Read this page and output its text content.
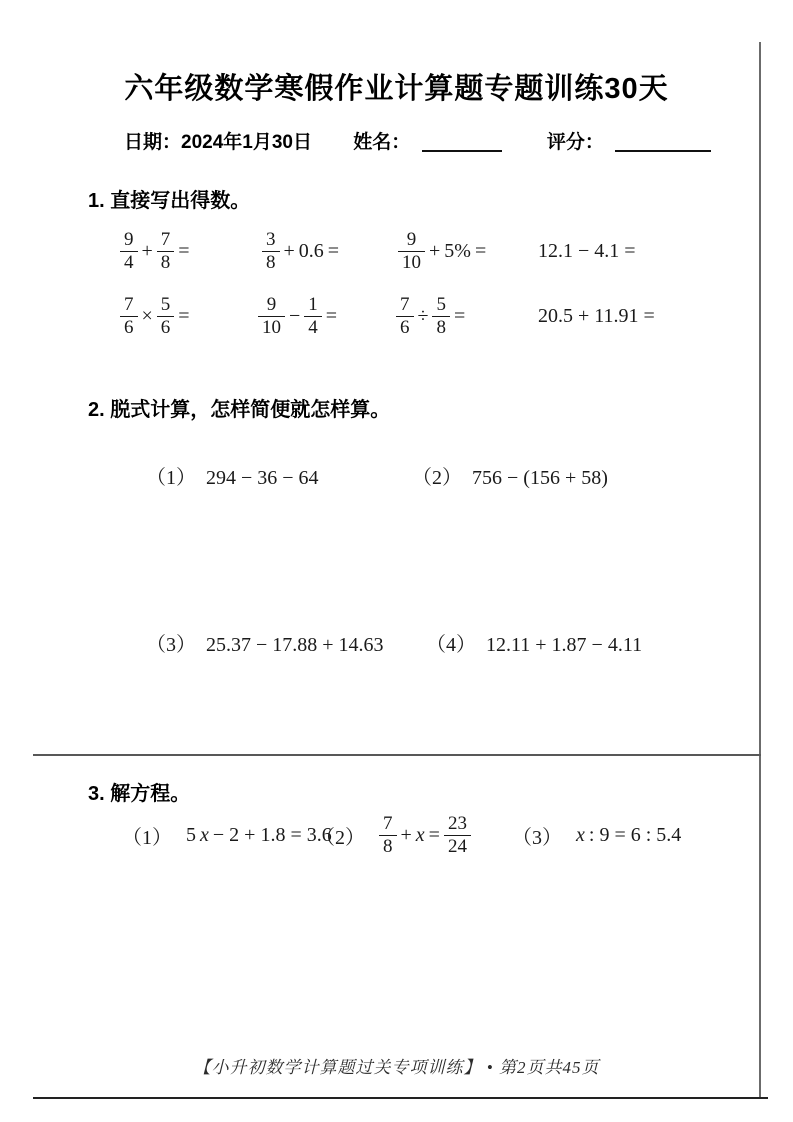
六年级数学寒假作业计算题专题训练30天
日期：2024年1月30日 姓名：	评分：
1. 直接写出得数。
$\frac{9}{4} + \frac{7}{8}$ =	$\frac{3}{8} + 0.6$ =	$\frac{9}{10} + 5\%$ =	12.1 − 4.1 =
$\frac{7}{6} \times \frac{5}{6}$ =	$\frac{9}{10} - \frac{1}{4}$ =	$\frac{7}{6} \div \frac{5}{8}$ =	20.5 + 11.91 =
2. 脱式计算，怎样简便就怎样算。

（1） 294 − 36 − 64
	（2） 756 − (156 + 58)

（3） 25.37 − 17.88 + 14.63
	（4） 12.11 + 1.87 − 4.11

3. 解方程。
（1） 5 x − 2 + 1.8 = 3.6
$(2) \frac{7}{8} + x = \frac{23}{24} (3)$ x : 9 = 6 : 5.4
【小升初数学计算题过关专项训练】 • 第2页共45页
